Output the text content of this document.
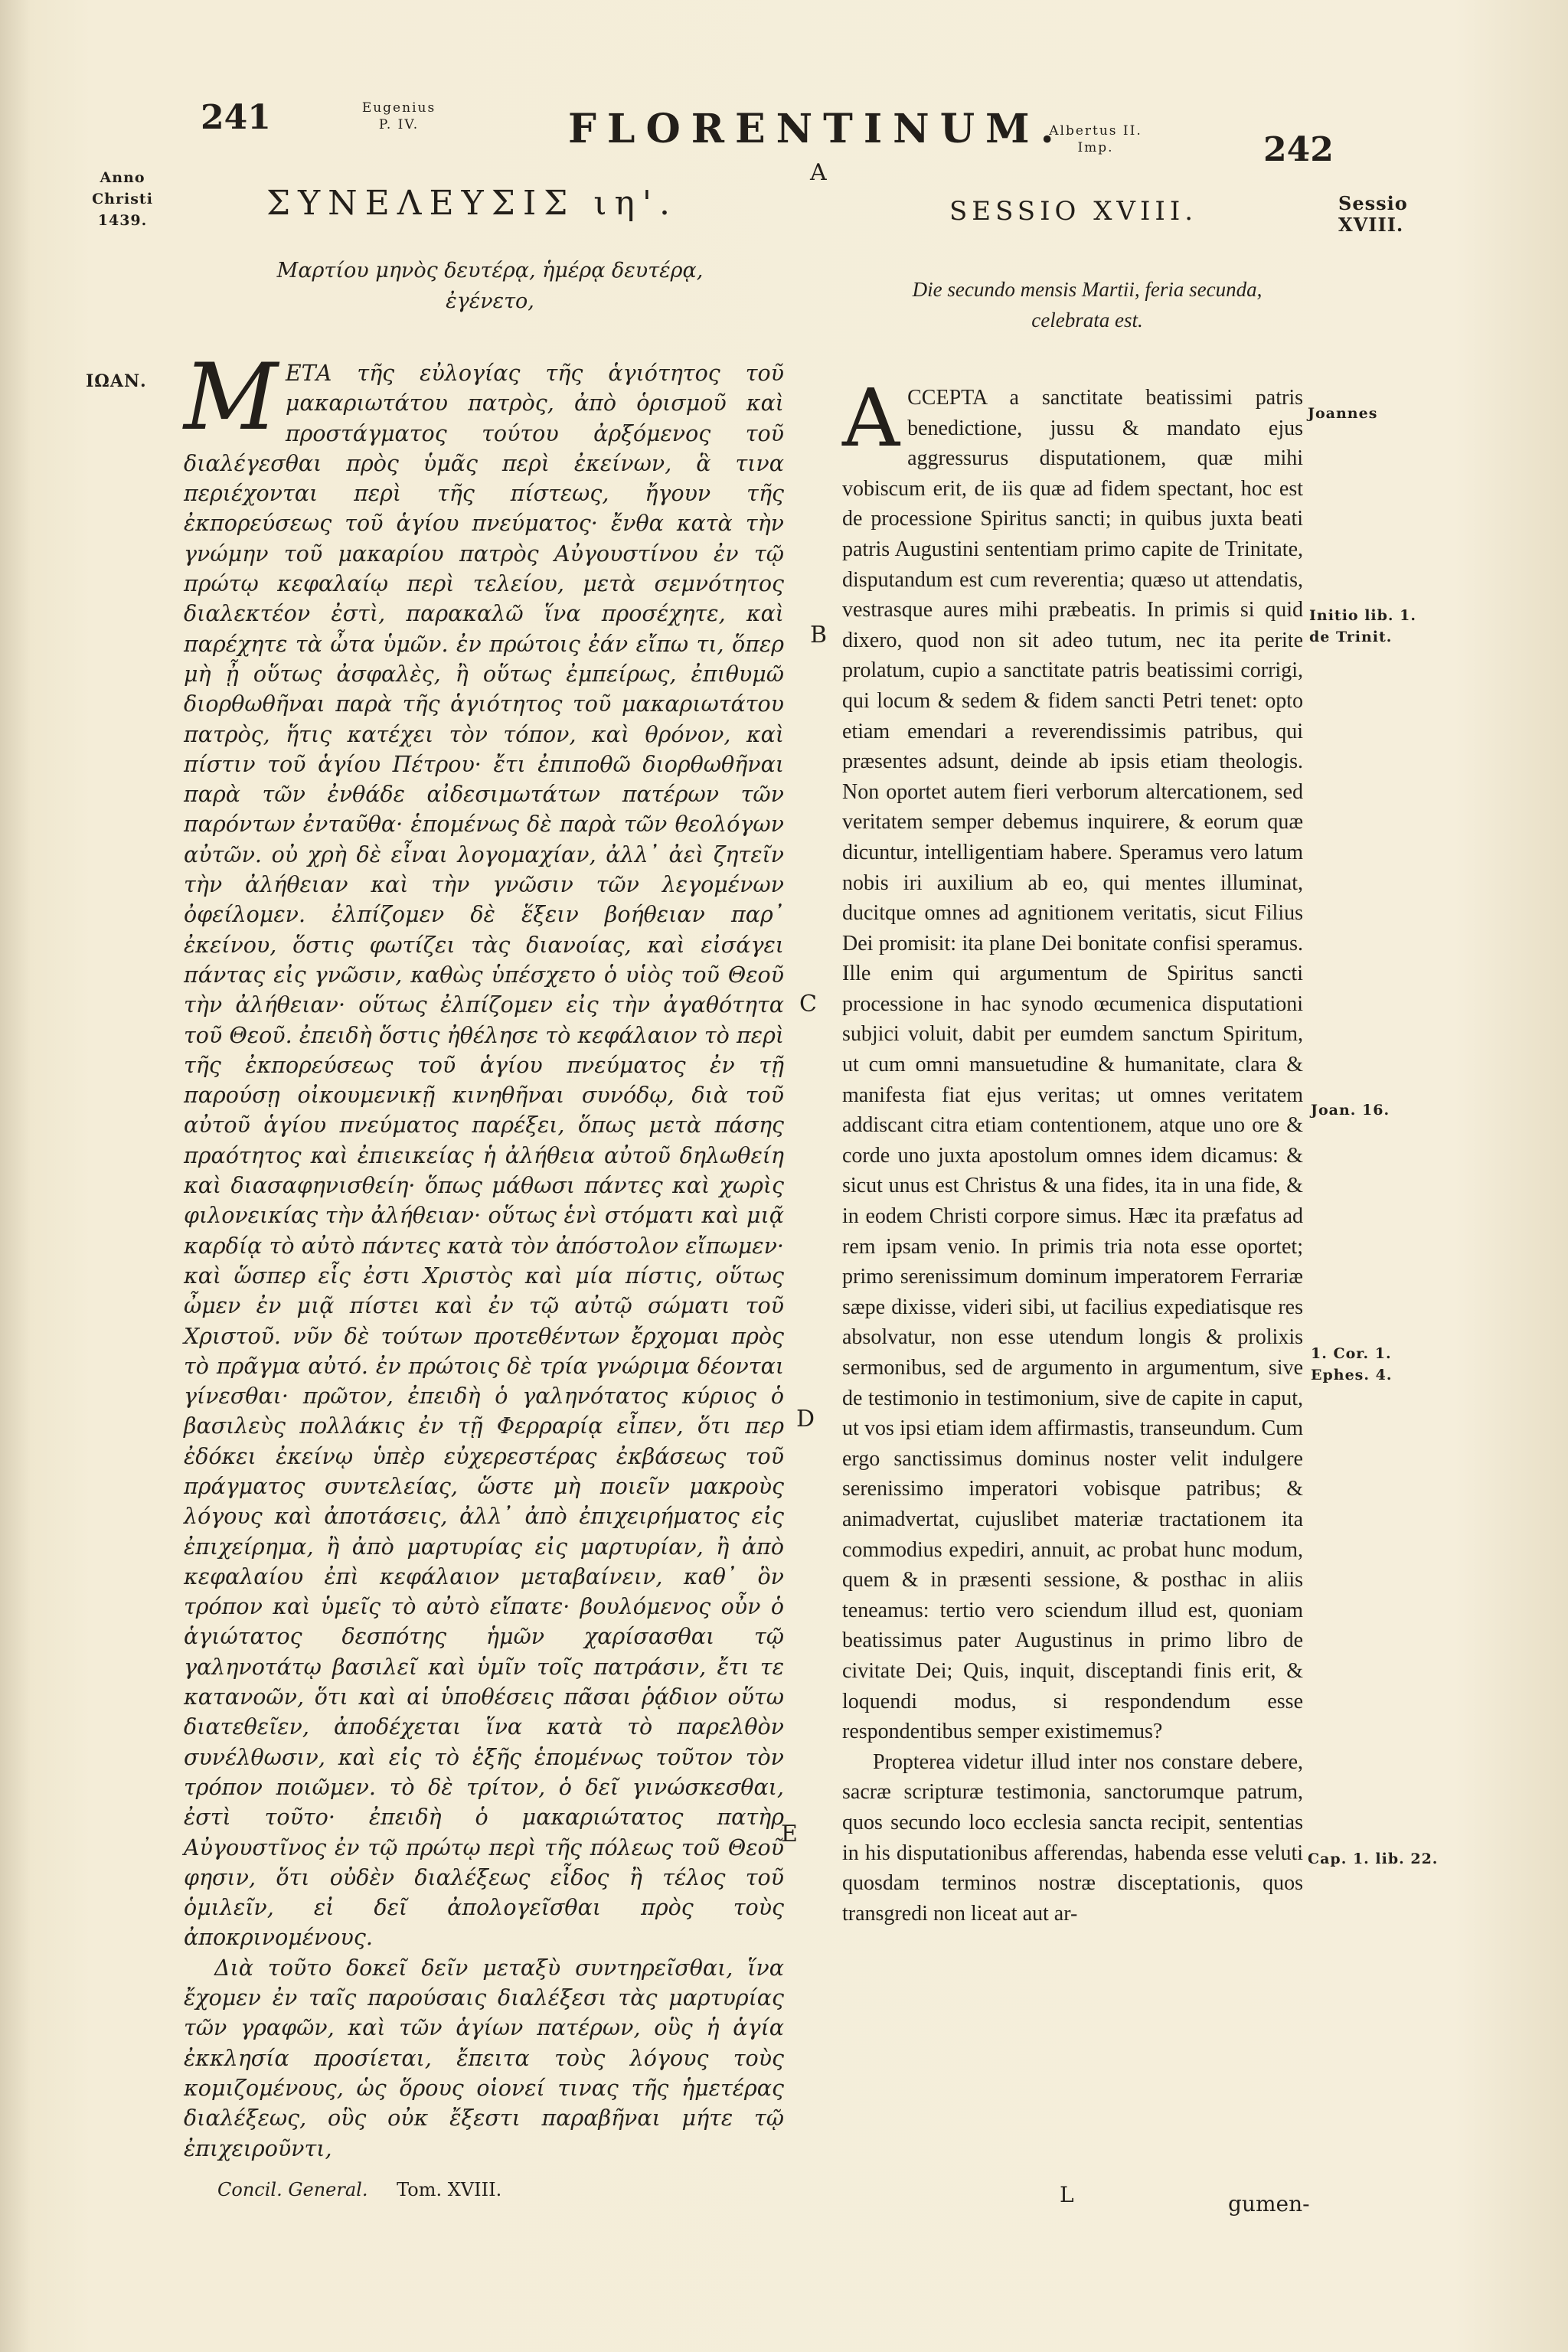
241	Eugenius
P. IV.	FLORENTINUM.
Albertus II.
Imp.	242
Anno
Christi
1439.
ΙΩΑΝ.
Sessio
XVIII.
Joannes
Initio lib. 1.
de Trinit.
Joan. 16.
1. Cor. 1.
Ephes. 4.
Cap. 1. lib. 22.
A
B
C
D
E
ΣΥΝΕΛΕΥΣΙΣ ιη'.
Μαρτίου μηνὸς δευτέρᾳ, ἡμέρᾳ δευτέρᾳ, ἐγένετο,

ΜΕΤΑ τῆς εὐλογίας τῆς ἁγιότητος τοῦ μακαριωτάτου πατρὸς, ἀπὸ ὁρισμοῦ καὶ προστάγματος τούτου ἀρξόμενος τοῦ διαλέγεσθαι πρὸς ὑμᾶς περὶ ἐκείνων, ἃ τινα περιέχονται περὶ τῆς πίστεως, ἤγουν τῆς ἐκπορεύσεως τοῦ ἁγίου πνεύματος· ἔνθα κατὰ τὴν γνώμην τοῦ μακαρίου πατρὸς Αὐγουστίνου ἐν τῷ πρώτῳ κεφαλαίῳ περὶ τελείου, μετὰ σεμνότητος διαλεκτέον ἐστὶ, παρακαλῶ ἵνα προσέχητε, καὶ παρέχητε τὰ ὦτα ὑμῶν. ἐν πρώτοις ἐάν εἴπω τι, ὅπερ μὴ ᾖ οὕτως ἀσφαλὲς, ἢ οὕτως ἐμπείρως, ἐπιθυμῶ διορθωθῆναι παρὰ τῆς ἁγιότητος τοῦ μακαριωτάτου πατρὸς, ἥτις κατέχει τὸν τόπον, καὶ θρόνον, καὶ πίστιν τοῦ ἁγίου Πέτρου· ἔτι ἐπιποθῶ διορθωθῆναι παρὰ τῶν ἐνθάδε αἰδεσιμωτάτων πατέρων τῶν παρόντων ἐνταῦθα· ἑπομένως δὲ παρὰ τῶν θεολόγων αὐτῶν. οὐ χρὴ δὲ εἶναι λογομαχίαν, ἀλλ᾽ ἀεὶ ζητεῖν τὴν ἀλήθειαν καὶ τὴν γνῶσιν τῶν λεγομένων ὀφείλομεν. ἐλπίζομεν δὲ ἕξειν βοήθειαν παρ᾽ ἐκείνου, ὅστις φωτίζει τὰς διανοίας, καὶ εἰσάγει πάντας εἰς γνῶσιν, καθὼς ὑπέσχετο ὁ υἱὸς τοῦ Θεοῦ τὴν ἀλήθειαν· οὕτως ἐλπίζομεν εἰς τὴν ἀγαθότητα τοῦ Θεοῦ. ἐπειδὴ ὅστις ἠθέλησε τὸ κεφάλαιον τὸ περὶ τῆς ἐκπορεύσεως τοῦ ἁγίου πνεύματος ἐν τῇ παρούσῃ οἰκουμενικῇ κινηθῆναι συνόδῳ, διὰ τοῦ αὐτοῦ ἁγίου πνεύματος παρέξει, ὅπως μετὰ πάσης πραότητος καὶ ἐπιεικείας ἡ ἀλήθεια αὐτοῦ δηλωθείη καὶ διασαφηνισθείη· ὅπως μάθωσι πάντες καὶ χωρὶς φιλονεικίας τὴν ἀλήθειαν· οὕτως ἑνὶ στόματι καὶ μιᾷ καρδίᾳ τὸ αὐτὸ πάντες κατὰ τὸν ἀπόστολον εἴπωμεν· καὶ ὥσπερ εἷς ἐστι Χριστὸς καὶ μία πίστις, οὕτως ὦμεν ἐν μιᾷ πίστει καὶ ἐν τῷ αὐτῷ σώματι τοῦ Χριστοῦ. νῦν δὲ τούτων προτεθέντων ἔρχομαι πρὸς τὸ πρᾶγμα αὐτό. ἐν πρώτοις δὲ τρία γνώριμα δέονται γίνεσθαι· πρῶτον, ἐπειδὴ ὁ γαληνότατος κύριος ὁ βασιλεὺς πολλάκις ἐν τῇ Φερραρίᾳ εἶπεν, ὅτι περ ἐδόκει ἐκείνῳ ὑπὲρ εὐχερεστέρας ἐκβάσεως τοῦ πράγματος συντελείας, ὥστε μὴ ποιεῖν μακροὺς λόγους καὶ ἀποτάσεις, ἀλλ᾽ ἀπὸ ἐπιχειρήματος εἰς ἐπιχείρημα, ἢ ἀπὸ μαρτυρίας εἰς μαρτυρίαν, ἢ ἀπὸ κεφαλαίου ἐπὶ κεφάλαιον μεταβαίνειν, καθ᾽ ὃν τρόπον καὶ ὑμεῖς τὸ αὐτὸ εἴπατε· βουλόμενος οὖν ὁ ἁγιώτατος δεσπότης ἡμῶν χαρίσασθαι τῷ γαληνοτάτῳ βασιλεῖ καὶ ὑμῖν τοῖς πατράσιν, ἔτι τε κατανοῶν, ὅτι καὶ αἱ ὑποθέσεις πᾶσαι ῥᾴδιον οὕτω διατεθεῖεν, ἀποδέχεται ἵνα κατὰ τὸ παρελθὸν συνέλθωσιν, καὶ εἰς τὸ ἑξῆς ἑπομένως τοῦτον τὸν τρόπον ποιῶμεν. τὸ δὲ τρίτον, ὁ δεῖ γινώσκεσθαι, ἐστὶ τοῦτο· ἐπειδὴ ὁ μακαριώτατος πατὴρ Αὐγουστῖνος ἐν τῷ πρώτῳ περὶ τῆς πόλεως τοῦ Θεοῦ φησιν, ὅτι οὐδὲν διαλέξεως εἶδος ἢ τέλος τοῦ ὁμιλεῖν, εἰ δεῖ ἀπολογεῖσθαι πρὸς τοὺς ἀποκρινομένους.

Διὰ τοῦτο δοκεῖ δεῖν μεταξὺ συντηρεῖσθαι, ἵνα ἔχομεν ἐν ταῖς παρούσαις διαλέξεσι τὰς μαρτυρίας τῶν γραφῶν, καὶ τῶν ἁγίων πατέρων, οὓς ἡ ἁγία ἐκκλησία προσίεται, ἔπειτα τοὺς λόγους τοὺς κομιζομένους, ὡς ὅρους οἱονεί τινας τῆς ἡμετέρας διαλέξεως, οὓς οὐκ ἔξεστι παραβῆναι μήτε τῷ ἐπιχειροῦντι,

Concil. General. Tom. XVIII.
SESSIO XVIII.
Die secundo mensis Martii, feria secunda,
celebrata est.

ACCEPTA a sanctitate beatissimi patris benedictione, jussu & mandato ejus aggressurus disputationem, quæ mihi vobiscum erit, de iis quæ ad fidem spectant, hoc est de processione Spiritus sancti; in quibus juxta beati patris Augustini sententiam primo capite de Trinitate, disputandum est cum reverentia; quæso ut attendatis, vestrasque aures mihi præbeatis. In primis si quid dixero, quod non sit adeo tutum, nec ita perite prolatum, cupio a sanctitate patris beatissimi corrigi, qui locum & sedem & fidem sancti Petri tenet: opto etiam emendari a reverendissimis patribus, qui præsentes adsunt, deinde ab ipsis etiam theologis. Non oportet autem fieri verborum altercationem, sed veritatem semper debemus inquirere, & eorum quæ dicuntur, intelligentiam habere. Speramus vero latum nobis iri auxilium ab eo, qui mentes illuminat, ducitque omnes ad agnitionem veritatis, sicut Filius Dei promisit: ita plane Dei bonitate confisi speramus. Ille enim qui argumentum de Spiritus sancti processione in hac synodo œcumenica disputationi subjici voluit, dabit per eumdem sanctum Spiritum, ut cum omni mansuetudine & humanitate, clara & manifesta fiat ejus veritas; ut omnes veritatem addiscant citra etiam contentionem, atque uno ore & corde uno juxta apostolum omnes idem dicamus: & sicut unus est Christus & una fides, ita in una fide, & in eodem Christi corpore simus. Hæc ita præfatus ad rem ipsam venio. In primis tria nota esse oportet; primo serenissimum dominum imperatorem Ferrariæ sæpe dixisse, videri sibi, ut facilius expediatisque res absolvatur, non esse utendum longis & prolixis sermonibus, sed de argumento in argumentum, sive de testimonio in testimonium, sive de capite in caput, ut vos ipsi etiam idem affirmastis, transeundum. Cum ergo sanctissimus dominus noster velit indulgere serenissimo imperatori vobisque patribus; & animadvertat, cujuslibet materiæ tractationem ita commodius expediri, annuit, ac probat hunc modum, quem & in præsenti sessione, & posthac in aliis teneamus: tertio vero sciendum illud est, quoniam beatissimus pater Augustinus in primo libro de civitate Dei; Quis, inquit, disceptandi finis erit, & loquendi modus, si respondendum esse respondentibus semper existimemus?

Propterea videtur illud inter nos constare debere, sacræ scripturæ testimonia, sanctorumque patrum, quos secundo loco ecclesia sancta recipit, sententias in his disputationibus afferendas, habenda esse veluti quosdam terminos nostræ disceptationis, quos transgredi non liceat aut ar-

L	gumen-
